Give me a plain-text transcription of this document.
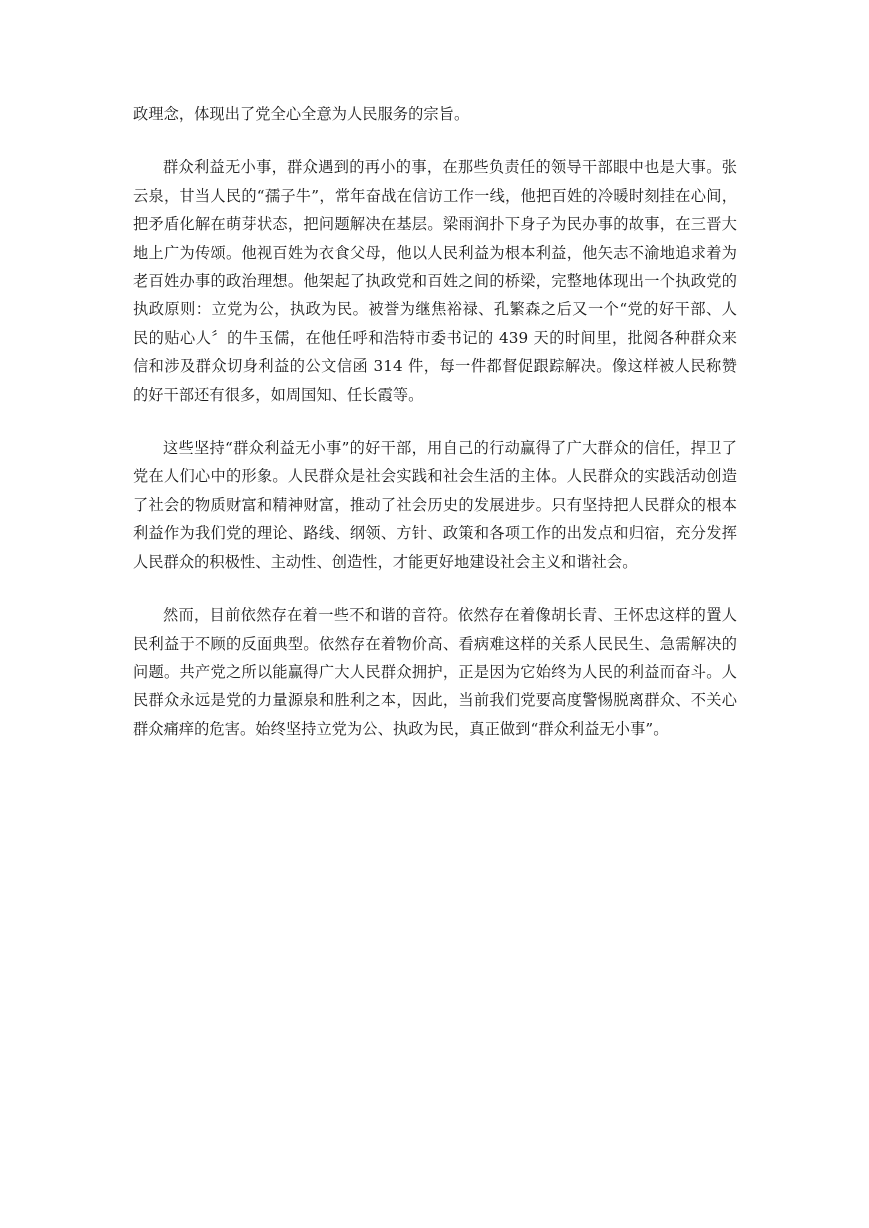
政理念，体现出了党全心全意为人民服务的宗旨。

群众利益无小事，群众遇到的再小的事，在那些负责任的领导干部眼中也是大事。张云泉，甘当人民的“孺子牛”，常年奋战在信访工作一线，他把百姓的冷暖时刻挂在心间，把矛盾化解在萌芽状态，把问题解决在基层。梁雨润扑下身子为民办事的故事，在三晋大地上广为传颂。他视百姓为衣食父母，他以人民利益为根本利益，他矢志不渝地追求着为老百姓办事的政治理想。他架起了执政党和百姓之间的桥梁，完整地体现出一个执政党的执政原则：立党为公，执政为民。被誉为继焦裕禄、孔繁森之后又一个“党的好干部、人民的贴心人〞的牛玉儒，在他任呼和浩特市委书记的 439 天的时间里，批阅各种群众来信和涉及群众切身利益的公文信函 314 件，每一件都督促跟踪解决。像这样被人民称赞的好干部还有很多，如周国知、任长霞等。

这些坚持“群众利益无小事”的好干部，用自己的行动赢得了广大群众的信任，捍卫了党在人们心中的形象。人民群众是社会实践和社会生活的主体。人民群众的实践活动创造了社会的物质财富和精神财富，推动了社会历史的发展进步。只有坚持把人民群众的根本利益作为我们党的理论、路线、纲领、方针、政策和各项工作的出发点和归宿，充分发挥人民群众的积极性、主动性、创造性，才能更好地建设社会主义和谐社会。

然而，目前依然存在着一些不和谐的音符。依然存在着像胡长青、王怀忠这样的置人民利益于不顾的反面典型。依然存在着物价高、看病难这样的关系人民民生、急需解决的问题。共产党之所以能赢得广大人民群众拥护，正是因为它始终为人民的利益而奋斗。人民群众永远是党的力量源泉和胜利之本，因此，当前我们党要高度警惕脱离群众、不关心群众痛痒的危害。始终坚持立党为公、执政为民，真正做到“群众利益无小事”。
